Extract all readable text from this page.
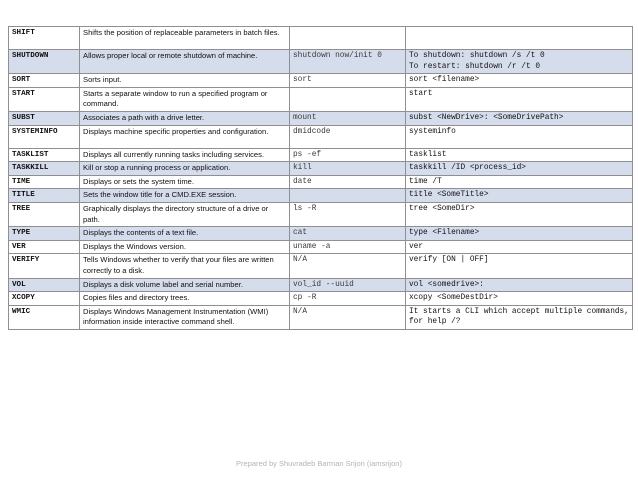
SHIFT	Shifts the position of replaceable parameters in batch files.		

SHUTDOWN	Allows proper local or remote shutdown of machine.	shutdown now/init 0	To shutdown: shutdown /s /t 0
To restart: shutdown /r /t 0

SORT	Sorts input.	sort	sort <filename>

START	Starts a separate window to run a specified program or command.		start

SUBST	Associates a path with a drive letter.	mount	subst <NewDrive>: <SomeDrivePath>

SYSTEMINFO	Displays machine specific properties and configuration.	dmidcode	systeminfo

TASKLIST	Displays all currently running tasks including services.	ps -ef	tasklist

TASKKILL	Kill or stop a running process or application.	kill	taskkill /ID <process_id>

TIME	Displays or sets the system time.	date	time /T

TITLE	Sets the window title for a CMD.EXE session.		title <SomeTitle>

TREE	Graphically displays the directory structure of a drive or path.	ls -R	tree <SomeDir>

TYPE	Displays the contents of a text file.	cat	type <Filename>

VER	Displays the Windows version.	uname -a	ver

VERIFY	Tells Windows whether to verify that your files are written correctly to a disk.	N/A	verify [ON | OFF]

VOL	Displays a disk volume label and serial number.	vol_id --uuid	vol <somedrive>:

XCOPY	Copies files and directory trees.	cp -R	xcopy <SomeDestDir>

WMIC	Displays Windows Management Instrumentation (WMI) information inside interactive command shell.	N/A	It starts a CLI which accept multiple commands, for help /?
Prepared by Shuvradeb Barman Srijon (iamsrijon)
